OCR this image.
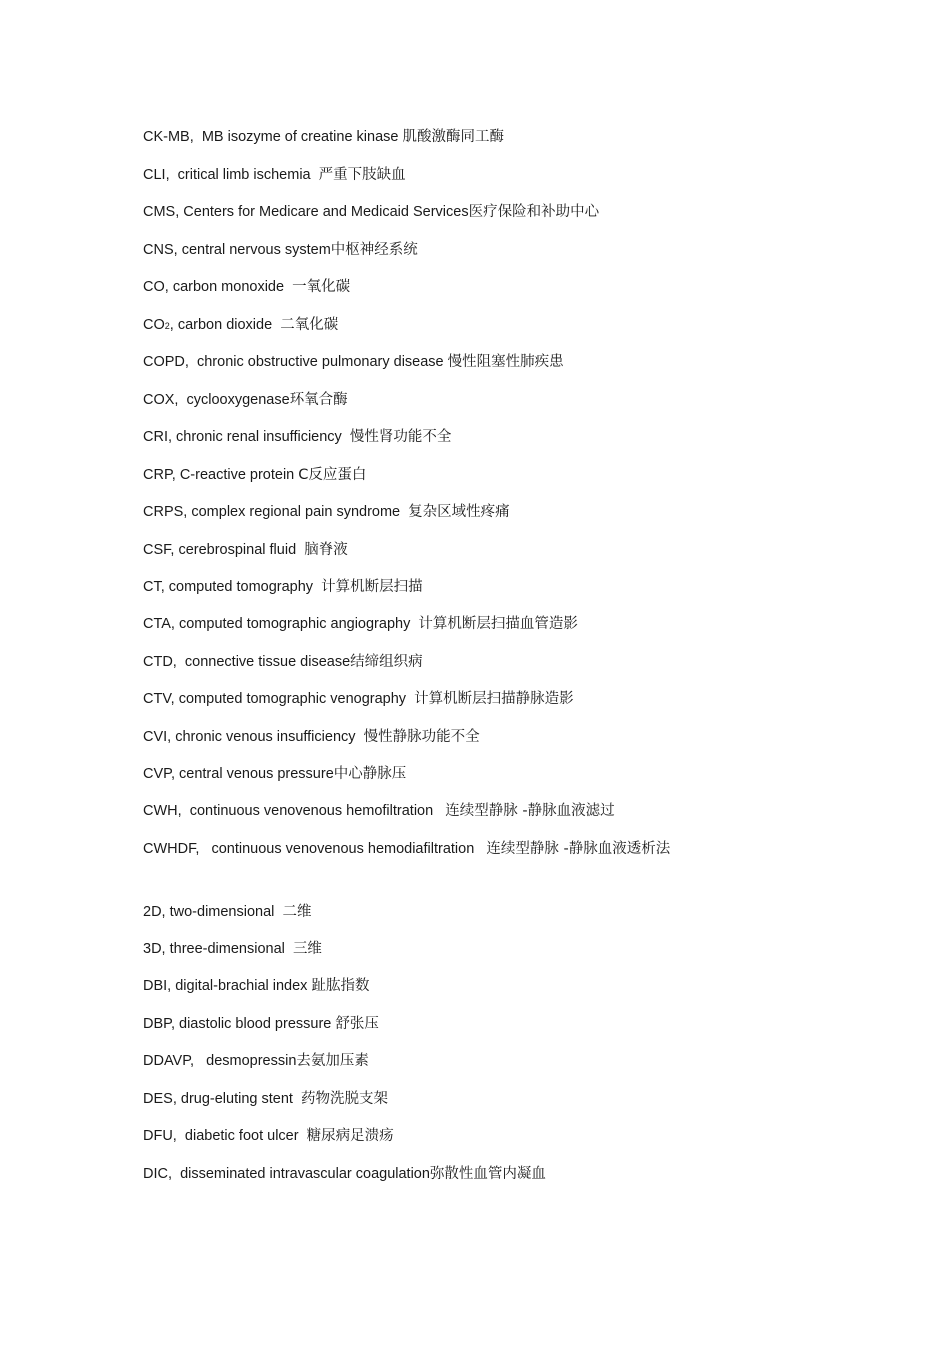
CK-MB, MB isozyme of creatine kinase 肌酸激酶同工酶
CLI, critical limb ischemia 严重下肢缺血
CMS, Centers for Medicare and Medicaid Services医疗保险和补助中心
CNS, central nervous system中枢神经系统
CO, carbon monoxide 一氧化碳
CO2, carbon dioxide 二氧化碳
COPD, chronic obstructive pulmonary disease 慢性阻塞性肺疾患
COX, cyclooxygenase环氧合酶
CRI, chronic renal insufficiency 慢性肾功能不全
CRP, C-reactive protein C反应蛋白
CRPS, complex regional pain syndrome 复杂区域性疼痛
CSF, cerebrospinal fluid 脑脊液
CT, computed tomography 计算机断层扫描
CTA, computed tomographic angiography 计算机断层扫描血管造影
CTD, connective tissue disease结缔组织病
CTV, computed tomographic venography 计算机断层扫描静脉造影
CVI, chronic venous insufficiency 慢性静脉功能不全
CVP, central venous pressure中心静脉压
CWH, continuous venovenous hemofiltration 连续型静脉 -静脉血液滤过
CWHDF, continuous venovenous hemodiafiltration 连续型静脉 -静脉血液透析法
2D, two-dimensional 二维
3D, three-dimensional 三维
DBI, digital-brachial index 趾肱指数
DBP, diastolic blood pressure 舒张压
DDAVP, desmopressin去氨加压素
DES, drug-eluting stent 药物洗脱支架
DFU, diabetic foot ulcer 糖尿病足溃疡
DIC, disseminated intravascular coagulation弥散性血管内凝血
